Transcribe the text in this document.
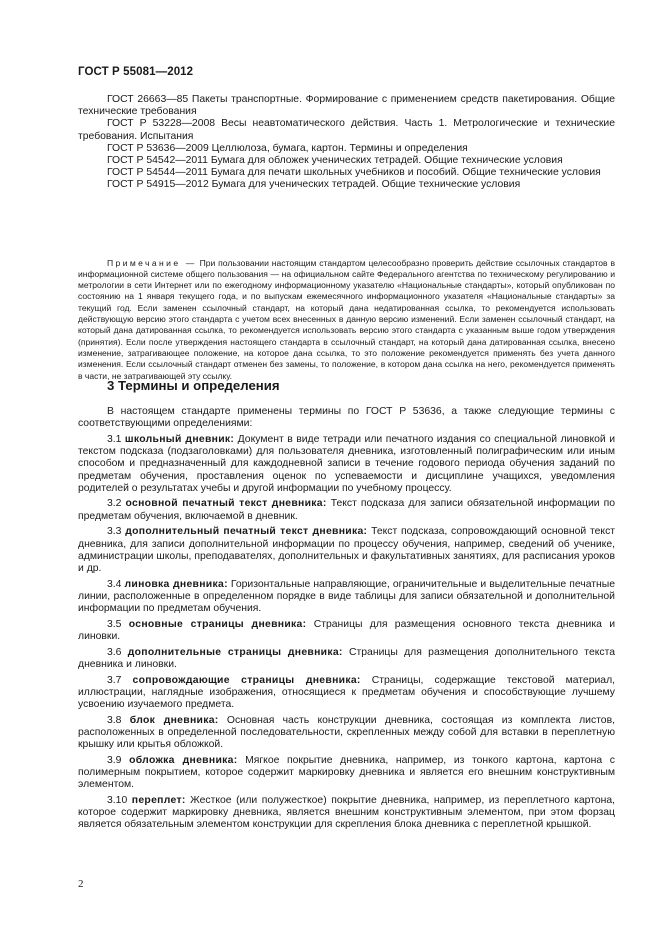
ГОСТ Р 55081—2012

ГОСТ 26663—85 Пакеты транспортные. Формирование с применением средств пакетирования. Общие технические требования

ГОСТ Р 53228—2008 Весы неавтоматического действия. Часть 1. Метрологические и технические требования. Испытания

ГОСТ Р 53636—2009 Целлюлоза, бумага, картон. Термины и определения

ГОСТ Р 54542—2011 Бумага для обложек ученических тетрадей. Общие технические условия

ГОСТ Р 54544—2011 Бумага для печати школьных учебников и пособий. Общие технические условия

ГОСТ Р 54915—2012 Бумага для ученических тетрадей. Общие технические условия

Примечание — При пользовании настоящим стандартом целесообразно проверить действие ссылочных стандартов в информационной системе общего пользования — на официальном сайте Федерального агентства по техническому регулированию и метрологии в сети Интернет или по ежегодному информационному указателю «Национальные стандарты», который опубликован по состоянию на 1 января текущего года, и по выпускам ежемесячного информационного указателя «Национальные стандарты» за текущий год. Если заменен ссылочный стандарт, на который дана недатированная ссылка, то рекомендуется использовать действующую версию этого стандарта с учетом всех внесенных в данную версию изменений. Если заменен ссылочный стандарт, на который дана датированная ссылка, то рекомендуется использовать версию этого стандарта с указанным выше годом утверждения (принятия). Если после утверждения настоящего стандарта в ссылочный стандарт, на который дана датированная ссылка, внесено изменение, затрагивающее положение, на которое дана ссылка, то это положение рекомендуется применять без учета данного изменения. Если ссылочный стандарт отменен без замены, то положение, в котором дана ссылка на него, рекомендуется применять в части, не затрагивающей эту ссылку.

3 Термины и определения

В настоящем стандарте применены термины по ГОСТ Р 53636, а также следующие термины с соответствующими определениями:

3.1 школьный дневник: Документ в виде тетради или печатного издания со специальной линовкой и текстом подсказа (подзаголовками) для пользователя дневника, изготовленный полиграфическим или иным способом и предназначенный для каждодневной записи в течение годового периода обучения заданий по предметам обучения, проставления оценок по успеваемости и дисциплине учащихся, уведомления родителей о результатах учебы и другой информации по учебному процессу.

3.2 основной печатный текст дневника: Текст подсказа для записи обязательной информации по предметам обучения, включаемой в дневник.

3.3 дополнительный печатный текст дневника: Текст подсказа, сопровождающий основной текст дневника, для записи дополнительной информации по процессу обучения, например, сведений об ученике, администрации школы, преподавателях, дополнительных и факультативных занятиях, для расписания уроков и др.

3.4 линовка дневника: Горизонтальные направляющие, ограничительные и выделительные печатные линии, расположенные в определенном порядке в виде таблицы для записи обязательной и дополнительной информации по предметам обучения.

3.5 основные страницы дневника: Страницы для размещения основного текста дневника и линовки.

3.6 дополнительные страницы дневника: Страницы для размещения дополнительного текста дневника и линовки.

3.7 сопровождающие страницы дневника: Страницы, содержащие текстовой материал, иллюстрации, наглядные изображения, относящиеся к предметам обучения и способствующие лучшему усвоению изучаемого предмета.

3.8 блок дневника: Основная часть конструкции дневника, состоящая из комплекта листов, расположенных в определенной последовательности, скрепленных между собой для вставки в переплетную крышку или крытья обложкой.

3.9 обложка дневника: Мягкое покрытие дневника, например, из тонкого картона, картона с полимерным покрытием, которое содержит маркировку дневника и является его внешним конструктивным элементом.

3.10 переплет: Жесткое (или полужесткое) покрытие дневника, например, из переплетного картона, которое содержит маркировку дневника, является внешним конструктивным элементом, при этом форзац является обязательным элементом конструкции для скрепления блока дневника с переплетной крышкой.

2
